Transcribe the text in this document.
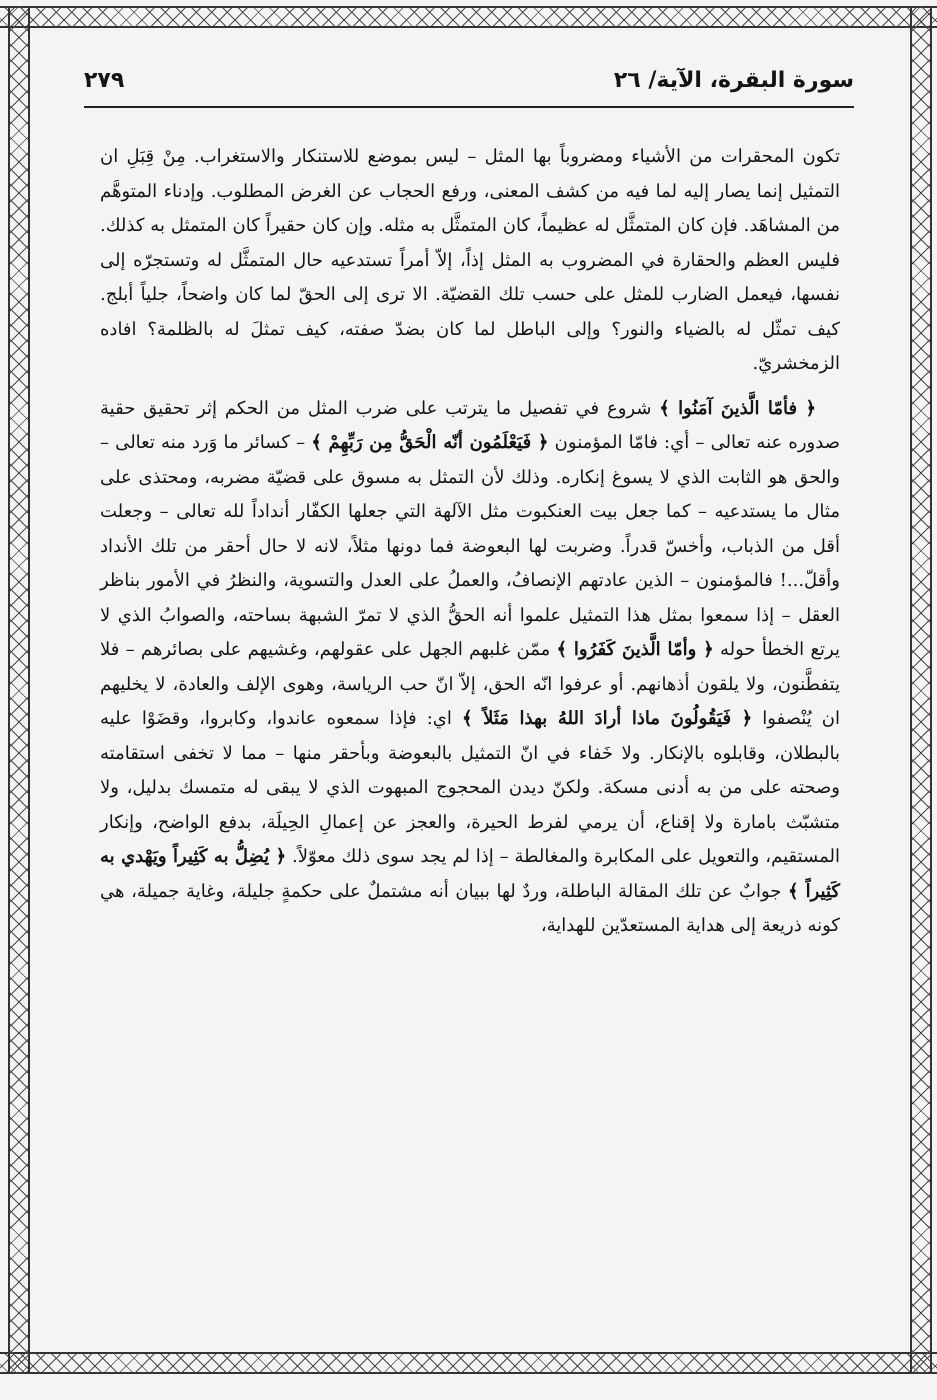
سورة البقرة، الآية/ ٢٦
٢٧٩

تكون المحقرات من الأشياء ومضروباً بها المثل – ليس بموضع للاستنكار والاستغراب. مِنْ قِبَلِ ان التمثيل إنما يصار إليه لما فيه من كشف المعنى، ورفع الحجاب عن الغرض المطلوب. وإدناء المتوهَّم من المشاهَد. فإن كان المتمثَّل له عظيماً، كان المتمثَّل به مثله. وإن كان حقيراً كان المتمثل به كذلك. فليس العظم والحقارة في المضروب به المثل إذاً، إلاّ أمراً تستدعيه حال المتمثَّل له وتستجرّه إلى نفسها، فيعمل الضارب للمثل على حسب تلك القضيّة. الا ترى إلى الحقّ لما كان واضحاً، جلياً أبلج. كيف تمثّل له بالضياء والنور؟ وإلى الباطل لما كان بضدّ صفته، كيف تمثلَ له بالظلمة؟ افاده الزمخشريّ.

﴿ فأمّا الَّذينَ آمَنُوا ﴾ شروع في تفصيل ما يترتب على ضرب المثل من الحكم إثر تحقيق حقية صدوره عنه تعالى – أي: فامّا المؤمنون ﴿ فَيَعْلَمُون أنّه الْحَقُّ مِن رَبِّهِمْ ﴾ – كسائر ما وَرد منه تعالى – والحق هو الثابت الذي لا يسوغ إنكاره. وذلك لأن التمثل به مسوق على قضيّة مضربه، ومحتذى على مثال ما يستدعيه – كما جعل بيت العنكبوت مثل الآلهة التي جعلها الكفّار أنداداً لله تعالى – وجعلت أقل من الذباب، وأخسّ قدراً. وضربت لها البعوضة فما دونها مثلاً، لانه لا حال أحقر من تلك الأنداد وأقلّ...! فالمؤمنون – الذين عادتهم الإنصافُ، والعملُ على العدل والتسوية، والنظرُ في الأمور بناظر العقل – إذا سمعوا بمثل هذا التمثيل علموا أنه الحقُّ الذي لا تمرّ الشبهة بساحته، والصوابُ الذي لا يرتع الخطأ حوله ﴿ وأمّا الَّذينَ كَفَرُوا ﴾ ممّن غلبهم الجهل على عقولهم، وغشيهم على بصائرهم – فلا يتفطَّنون، ولا يلقون أذهانهم. أو عرفوا انّه الحق، إلاّ انّ حب الرياسة، وهوى الإلف والعادة، لا يخليهم ان يُنْصفوا ﴿ فَيَقُولُونَ ماذا أرادَ اللهُ بهذا مَثَلاً ﴾ اي: فإذا سمعوه عاندوا، وكابروا، وقضَوْا عليه بالبطلان، وقابلوه بالإنكار. ولا خَفاء في انّ التمثيل بالبعوضة وبأحقر منها – مما لا تخفى استقامته وصحته على من به أدنى مسكة. ولكنّ ديدن المحجوج المبهوت الذي لا يبقى له متمسك بدليل، ولا متشبّث بامارة ولا إقناع، أن يرمي لفرط الحيرة، والعجز عن إعمالِ الحِيلَة، بدفع الواضح، وإنكار المستقيم، والتعويل على المكابرة والمغالطة – إذا لم يجد سوى ذلك معوّلاً. ﴿ يُضِلُّ به كَثِيراً ويَهْدي به كَثِيراً ﴾ جوابٌ عن تلك المقالة الباطلة، وردٌ لها ببيان أنه مشتملٌ على حكمةٍ جليلة، وغاية جميلة، هي كونه ذريعة إلى هداية المستعدّين للهداية،
